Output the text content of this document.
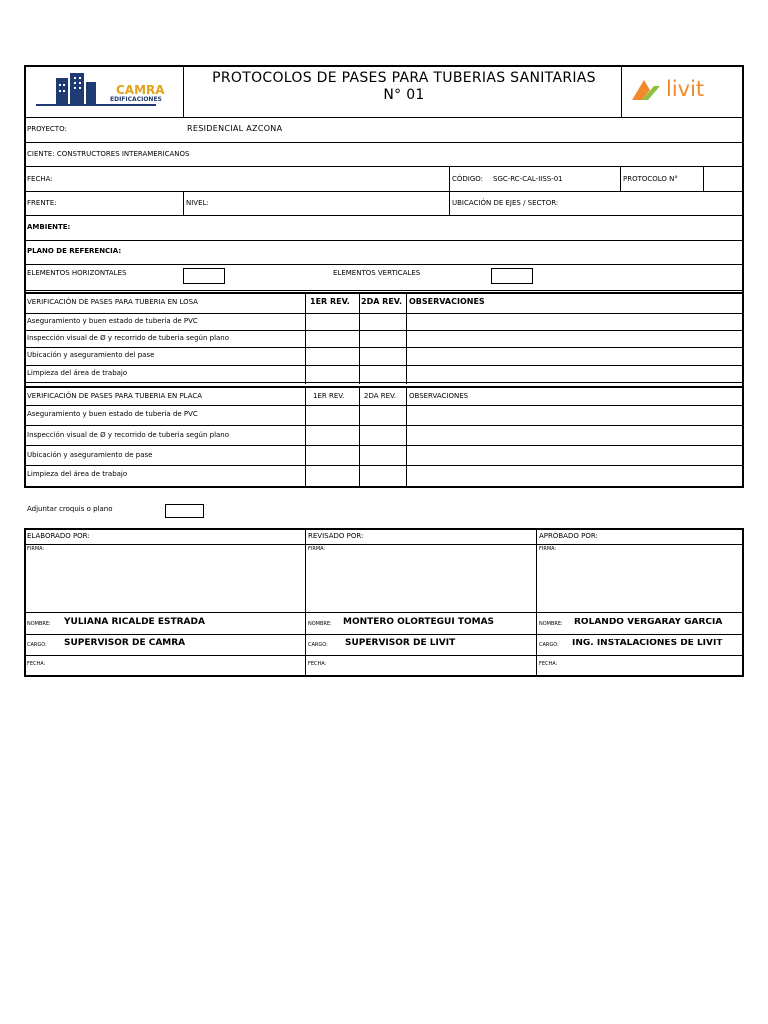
CAMRA
EDIFICACIONES
PROTOCOLOS DE PASES PARA TUBERIAS SANITARIAS
N° 01	livit
PROYECTO:	RESIDENCIAL AZCONA
CIENTE: CONSTRUCTORES INTERAMERICANOS
FECHA:	CÓDIGO: SGC-RC-CAL-IISS-01	PROTOCOLO N°
FRENTE:	NIVEL:	UBICACIÓN DE EJES / SECTOR:
AMBIENTE:
PLANO DE REFERENCIA:
ELEMENTOS HORIZONTALES	ELEMENTOS VERTICALES
VERIFICACIÓN DE PASES PARA TUBERIA EN LOSA	1ER REV. 2DA REV. OBSERVACIONES
Aseguramiento y buen estado de tuberia de PVC
Inspección visual de Ø y recorrido de tuberia según plano
Ubicación y aseguramiento del pase
Limpieza del área de trabajo
VERIFICACIÓN DE PASES PARA TUBERIA EN PLACA	1ER REV.	2DA REV. OBSERVACIONES
Aseguramiento y buen estado de tuberia de PVC
Inspección visual de Ø y recorrido de tuberia según plano
Ubicación y aseguramiento de pase
Limpieza del área de trabajo
Adjuntar croquis o plano
ELABORADO POR:	REVISADO POR:	APROBADO POR:
FIRMA:	FIRMA:	FIRMA:
NOMBRE: YULIANA RICALDE ESTRADA	NOMBRE: MONTERO OLORTEGUI TOMAS	NOMBRE: ROLANDO VERGARAY GARCIA
CARGO: SUPERVISOR DE CAMRA	CARGO: SUPERVISOR DE LIVIT	CARGO: ING. INSTALACIONES DE LIVIT
FECHA:	FECHA:	FECHA:
